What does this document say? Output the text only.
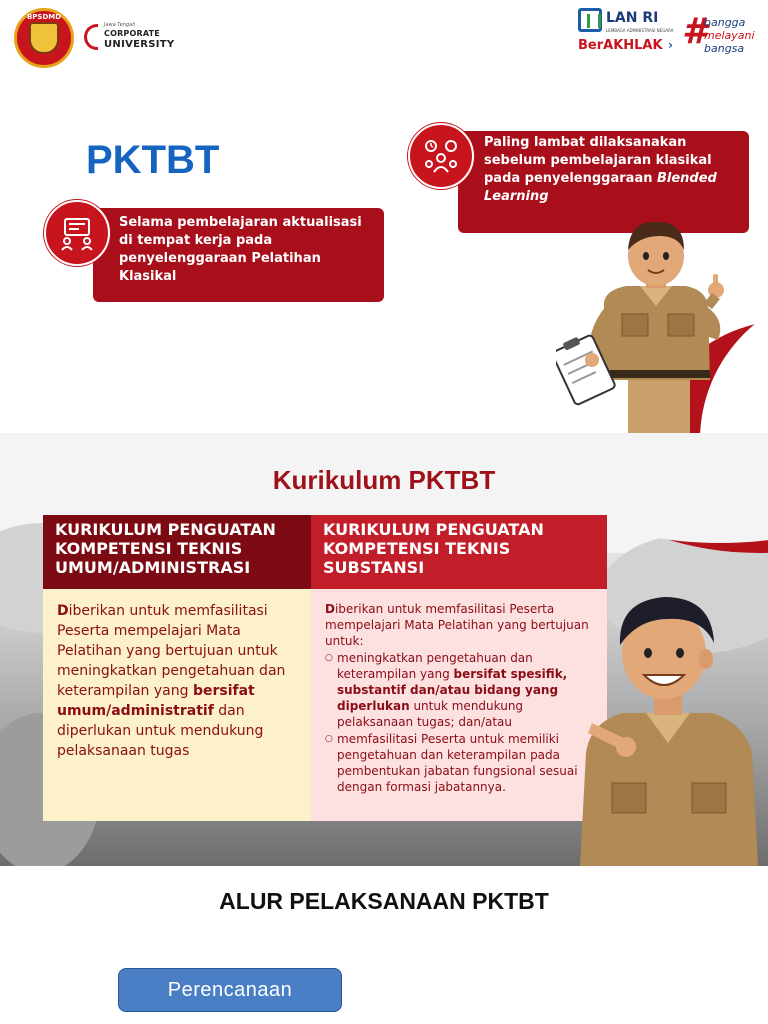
BPSDMD
Jawa Tengah
CORPORATE
UNIVERSITY
LAN RI
LEMBAGA ADMINISTRASI NEGARA
BerAKHLAK › #
bangga
melayani
bangsa
PKTBT
Selama pembelajaran aktualisasi di tempat kerja pada penyelenggaraan Pelatihan Klasikal
Paling lambat dilaksanakan sebelum pembelajaran klasikal pada penyelenggaraan Blended Learning
Kurikulum PKTBT
KURIKULUM PENGUATAN KOMPETENSI TEKNIS UMUM/ADMINISTRASI
KURIKULUM PENGUATAN KOMPETENSI TEKNIS SUBSTANSI
Diberikan untuk memfasilitasi Peserta mempelajari Mata Pelatihan yang bertujuan untuk meningkatkan pengetahuan dan keterampilan yang bersifat umum/administratif dan diperlukan untuk mendukung pelaksanaan tugas
Diberikan untuk memfasilitasi Peserta mempelajari Mata Pelatihan yang bertujuan untuk:
○ meningkatkan pengetahuan dan keterampilan yang bersifat spesifik, substantif dan/atau bidang yang diperlukan untuk mendukung pelaksanaan tugas; dan/atau
○ memfasilitasi Peserta untuk memiliki pengetahuan dan keterampilan pada pembentukan jabatan fungsional sesuai dengan formasi jabatannya.
ALUR PELAKSANAAN PKTBT
Perencanaan
